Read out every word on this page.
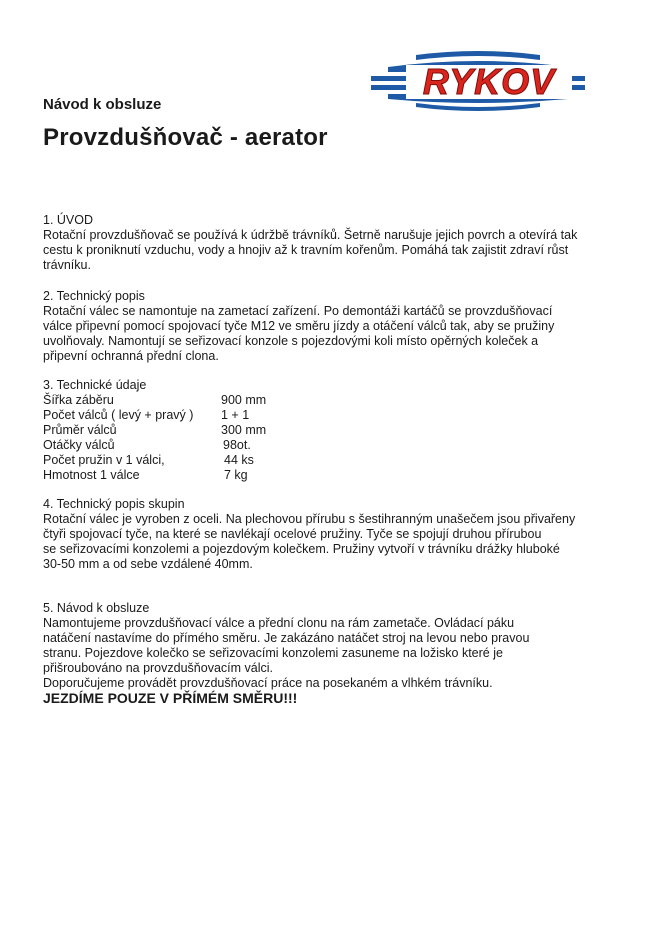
Návod k obsluze
Provzdušňovač - aerator
RYKOV

1. ÚVOD

Rotační provzdušňovač se používá k údržbě trávníků. Šetrně narušuje jejich povrch a otevírá tak

cestu k proniknutí vzduchu, vody a hnojiv až k travním kořenům. Pomáhá tak zajistit zdraví růst

trávníku.

2. Technický popis

Rotační válec se namontuje na zametací zařízení. Po demontáži kartáčů se provzdušňovací

válce připevní pomocí spojovací tyče M12 ve směru jízdy a otáčení válců tak, aby se pružiny

uvolňovaly. Namontují se seřizovací konzole s pojezdovými koli místo opěrných koleček a

připevní ochranná přední clona.

3. Technické údaje
Šířka záběru	900 mm
Počet válců ( levý + pravý ) 1 + 1
Průměr válců	300 mm
Otáčky válců	98ot.
Počet pružin v 1 válci,	44 ks
Hmotnost 1 válce	7 kg

4. Technický popis skupin

Rotační válec je vyroben z oceli. Na plechovou přírubu s šestihranným unašečem jsou přivařeny

čtyři spojovací tyče, na které se navlékají ocelové pružiny. Tyče se spojují druhou přírubou

se seřizovacími konzolemi a pojezdovým kolečkem. Pružiny vytvoří v trávníku drážky hluboké

30-50 mm a od sebe vzdálené 40mm.

5. Návod k obsluze

Namontujeme provzdušňovací válce a přední clonu na rám zametače. Ovládací páku

natáčení nastavíme do přímého směru. Je zakázáno natáčet stroj na levou nebo pravou

stranu. Pojezdove kolečko se seřizovacími konzolemi zasuneme na ložisko které je

přišroubováno na provzdušňovacím válci.

Doporučujeme provádět provzdušňovací práce na posekaném a vlhkém trávníku.

JEZDÍME POUZE V PŘÍMÉM SMĚRU!!!
